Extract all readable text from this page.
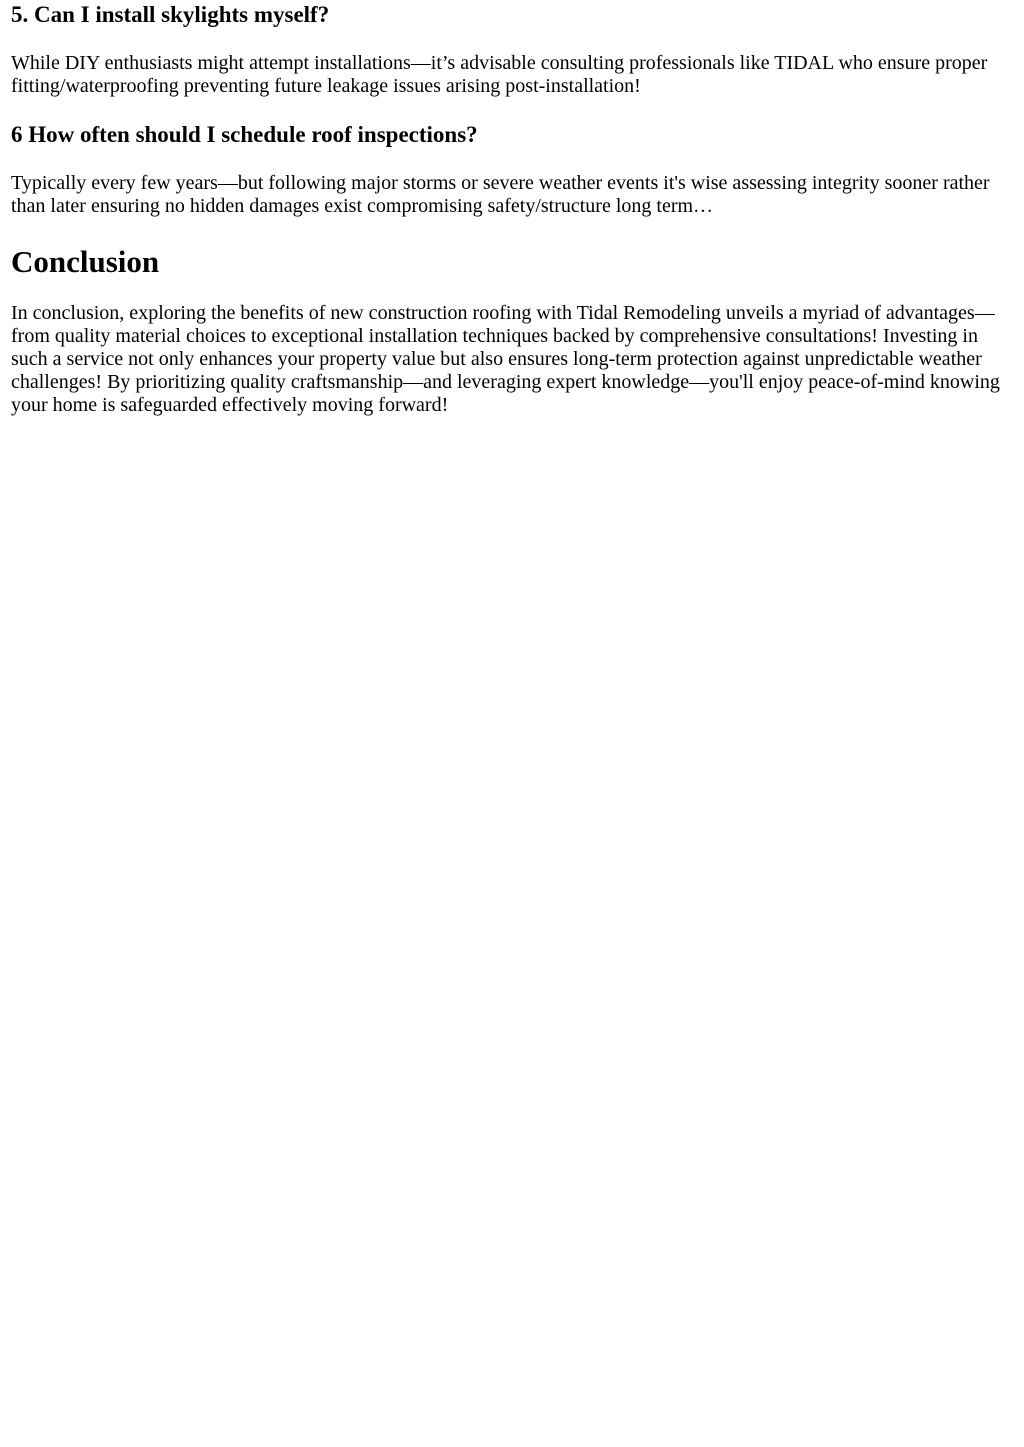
5. Can I install skylights myself?

While DIY enthusiasts might attempt installations—it’s advisable consulting professionals like TIDAL who ensure proper fitting/waterproofing preventing future leakage issues arising post-installation!

6 How often should I schedule roof inspections?

Typically every few years—but following major storms or severe weather events it's wise assessing integrity sooner rather than later ensuring no hidden damages exist compromising safety/structure long term…

Conclusion

In conclusion, exploring the benefits of new construction roofing with Tidal Remodeling unveils a myriad of advantages—from quality material choices to exceptional installation techniques backed by comprehensive consultations! Investing in such a service not only enhances your property value but also ensures long-term protection against unpredictable weather challenges! By prioritizing quality craftsmanship—and leveraging expert knowledge—you'll enjoy peace-of-mind knowing your home is safeguarded effectively moving forward!
